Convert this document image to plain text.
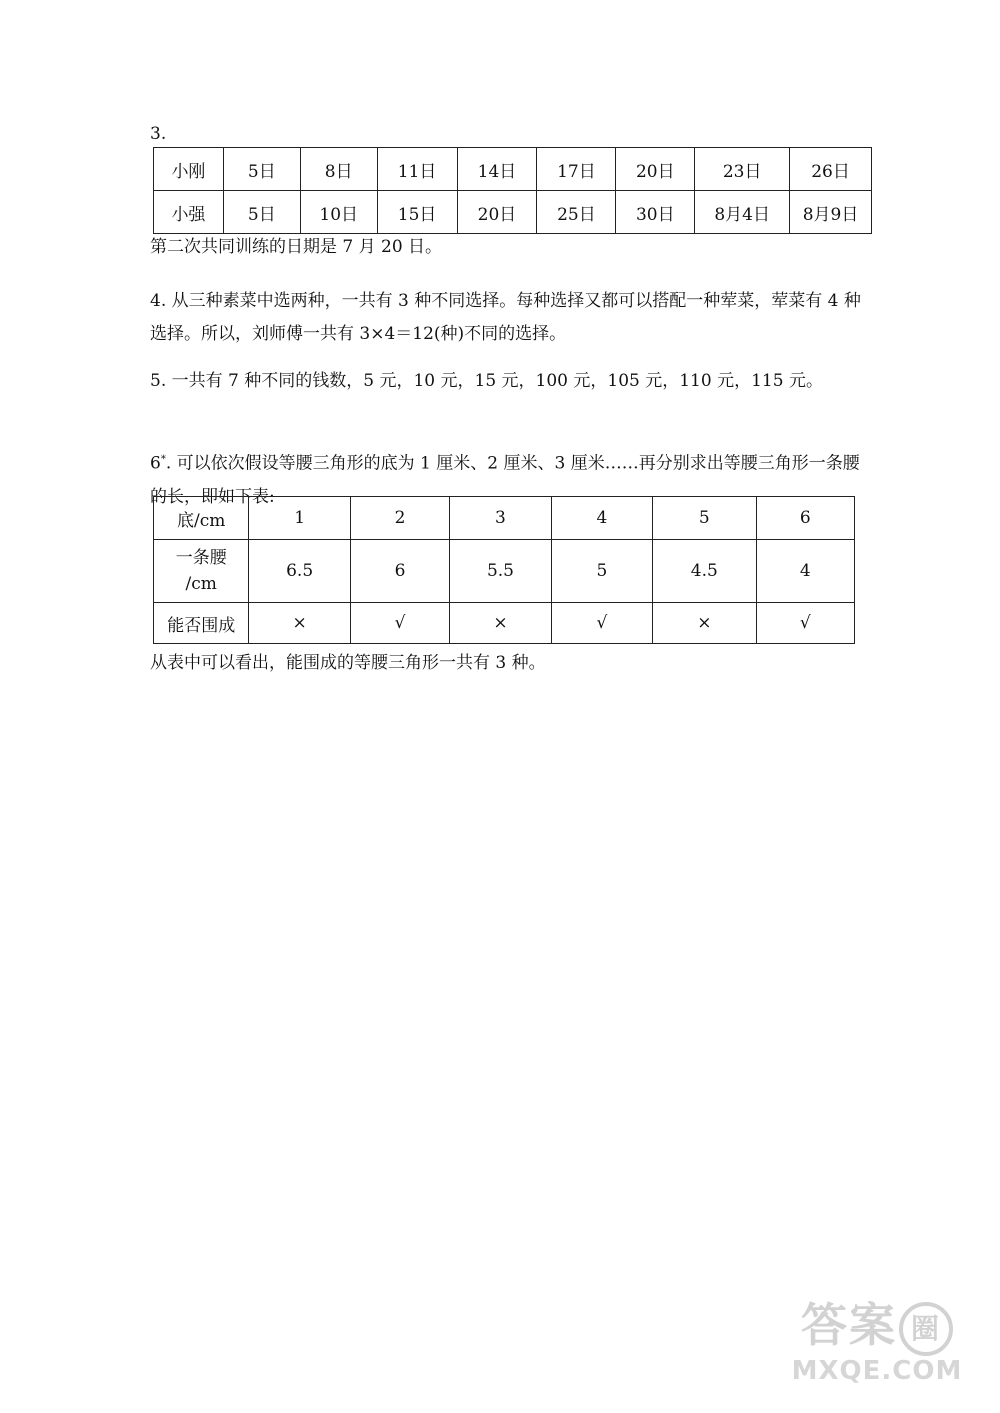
3.
小刚	5日	8日	11日	14日	17日	20日	23日	26日
小强	5日	10日	15日	20日	25日	30日	8月4日	8月9日
第二次共同训练的日期是 7 月 20 日。
4. 从三种素菜中选两种，一共有 3 种不同选择。每种选择又都可以搭配一种荤菜，荤菜有 4 种选择。所以，刘师傅一共有 3×4＝12(种)不同的选择。
5. 一共有 7 种不同的钱数，5 元，10 元，15 元，100 元，105 元，110 元，115 元。
6*. 可以依次假设等腰三角形的底为 1 厘米、2 厘米、3 厘米……再分别求出等腰三角形一条腰的长，即如下表:
底/cm	1	2	3	4	5	6
一条腰
/cm	6.5	6	5.5	5	4.5	4
能否围成	×	√	×	√	×	√
从表中可以看出，能围成的等腰三角形一共有 3 种。
答案 圈
MXQE.COM
